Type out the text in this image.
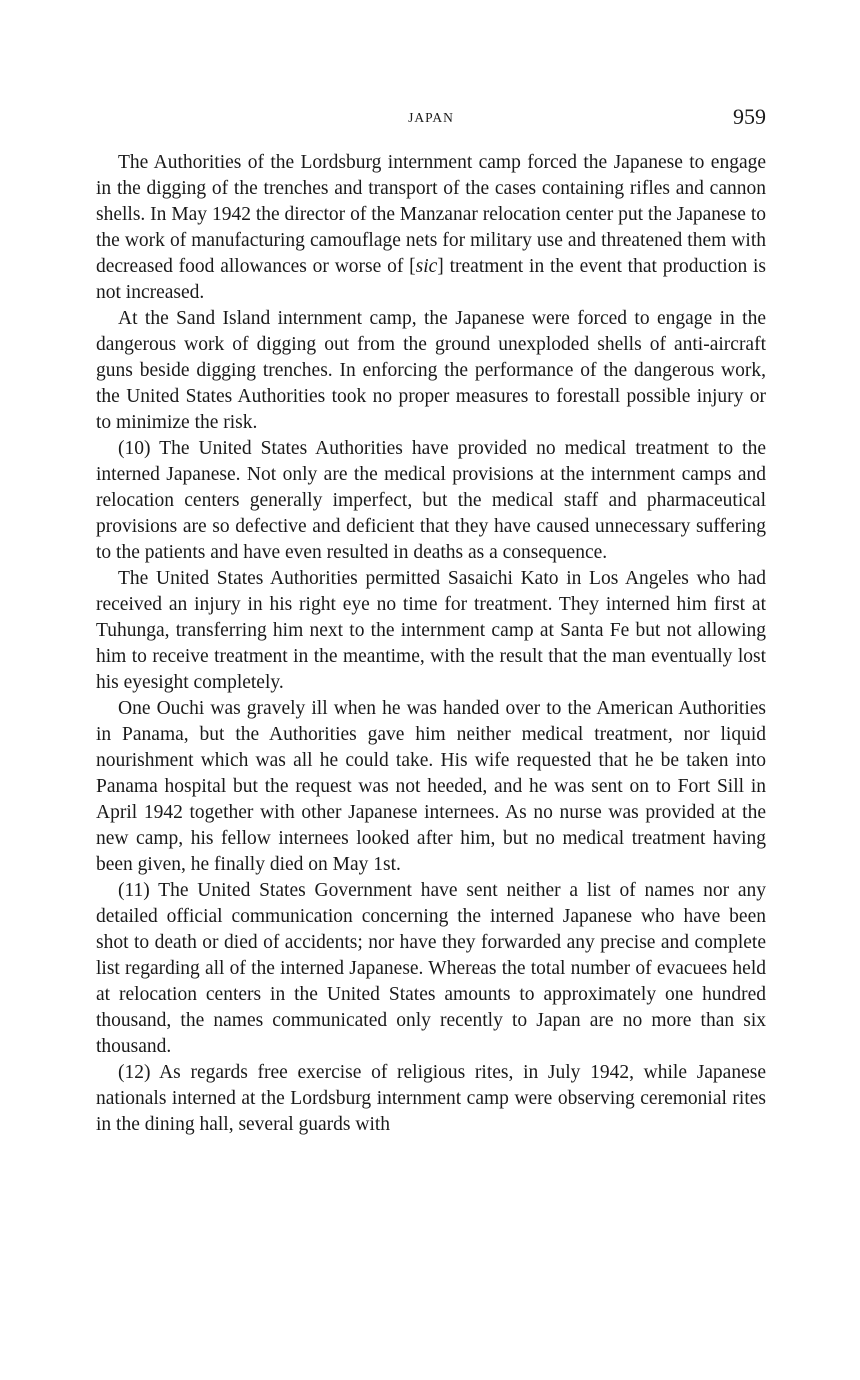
JAPAN	959

The Authorities of the Lordsburg internment camp forced the Japanese to engage in the digging of the trenches and transport of the cases containing rifles and cannon shells. In May 1942 the director of the Manzanar relocation center put the Japanese to the work of manufacturing camouflage nets for military use and threatened them with decreased food allowances or worse of [sic] treatment in the event that production is not increased.

At the Sand Island internment camp, the Japanese were forced to engage in the dangerous work of digging out from the ground unexploded shells of anti-aircraft guns beside digging trenches. In enforcing the performance of the dangerous work, the United States Authorities took no proper measures to forestall possible injury or to minimize the risk.

(10) The United States Authorities have provided no medical treatment to the interned Japanese. Not only are the medical provisions at the internment camps and relocation centers generally imperfect, but the medical staff and pharmaceutical provisions are so defective and deficient that they have caused unnecessary suffering to the patients and have even resulted in deaths as a consequence.

The United States Authorities permitted Sasaichi Kato in Los Angeles who had received an injury in his right eye no time for treatment. They interned him first at Tuhunga, transferring him next to the internment camp at Santa Fe but not allowing him to receive treatment in the meantime, with the result that the man eventually lost his eyesight completely.

One Ouchi was gravely ill when he was handed over to the American Authorities in Panama, but the Authorities gave him neither medical treatment, nor liquid nourishment which was all he could take. His wife requested that he be taken into Panama hospital but the request was not heeded, and he was sent on to Fort Sill in April 1942 together with other Japanese internees. As no nurse was provided at the new camp, his fellow internees looked after him, but no medical treatment having been given, he finally died on May 1st.

(11) The United States Government have sent neither a list of names nor any detailed official communication concerning the interned Japanese who have been shot to death or died of accidents; nor have they forwarded any precise and complete list regarding all of the interned Japanese. Whereas the total number of evacuees held at relocation centers in the United States amounts to approximately one hundred thousand, the names communicated only recently to Japan are no more than six thousand.

(12) As regards free exercise of religious rites, in July 1942, while Japanese nationals interned at the Lordsburg internment camp were observing ceremonial rites in the dining hall, several guards with
